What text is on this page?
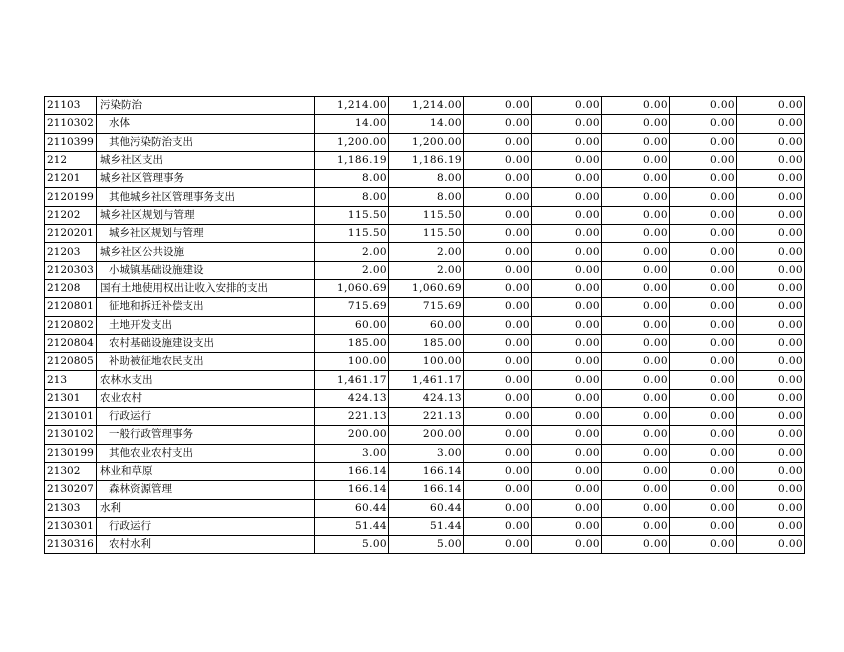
21103	污染防治	1,214.00	1,214.00	0.00	0.00	0.00	0.00	0.00
2110302	水体	14.00	14.00	0.00	0.00	0.00	0.00	0.00
2110399	其他污染防治支出	1,200.00	1,200.00	0.00	0.00	0.00	0.00	0.00
212	城乡社区支出	1,186.19	1,186.19	0.00	0.00	0.00	0.00	0.00
21201	城乡社区管理事务	8.00	8.00	0.00	0.00	0.00	0.00	0.00
2120199	其他城乡社区管理事务支出	8.00	8.00	0.00	0.00	0.00	0.00	0.00
21202	城乡社区规划与管理	115.50	115.50	0.00	0.00	0.00	0.00	0.00
2120201	城乡社区规划与管理	115.50	115.50	0.00	0.00	0.00	0.00	0.00
21203	城乡社区公共设施	2.00	2.00	0.00	0.00	0.00	0.00	0.00
2120303	小城镇基础设施建设	2.00	2.00	0.00	0.00	0.00	0.00	0.00
21208	国有土地使用权出让收入安排的支出	1,060.69	1,060.69	0.00	0.00	0.00	0.00	0.00
2120801	征地和拆迁补偿支出	715.69	715.69	0.00	0.00	0.00	0.00	0.00
2120802	土地开发支出	60.00	60.00	0.00	0.00	0.00	0.00	0.00
2120804	农村基础设施建设支出	185.00	185.00	0.00	0.00	0.00	0.00	0.00
2120805	补助被征地农民支出	100.00	100.00	0.00	0.00	0.00	0.00	0.00
213	农林水支出	1,461.17	1,461.17	0.00	0.00	0.00	0.00	0.00
21301	农业农村	424.13	424.13	0.00	0.00	0.00	0.00	0.00
2130101	行政运行	221.13	221.13	0.00	0.00	0.00	0.00	0.00
2130102	一般行政管理事务	200.00	200.00	0.00	0.00	0.00	0.00	0.00
2130199	其他农业农村支出	3.00	3.00	0.00	0.00	0.00	0.00	0.00
21302	林业和草原	166.14	166.14	0.00	0.00	0.00	0.00	0.00
2130207	森林资源管理	166.14	166.14	0.00	0.00	0.00	0.00	0.00
21303	水利	60.44	60.44	0.00	0.00	0.00	0.00	0.00
2130301	行政运行	51.44	51.44	0.00	0.00	0.00	0.00	0.00
2130316	农村水利	5.00	5.00	0.00	0.00	0.00	0.00	0.00
